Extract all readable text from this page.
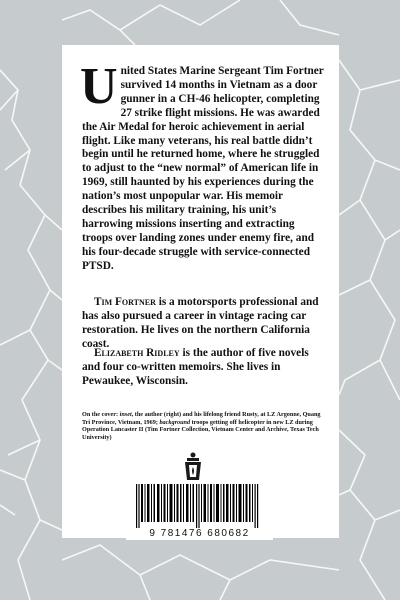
United States Marine Sergeant Tim Fortner survived 14 months in Vietnam as a door gunner in a CH-46 helicopter, completing 27 strike flight missions. He was awarded the Air Medal for heroic achievement in aerial flight. Like many veterans, his real battle didn’t begin until he returned home, where he struggled to adjust to the “new normal” of American life in 1969, still haunted by his experiences during the nation’s most unpopular war. His memoir describes his military training, his unit’s harrowing missions inserting and extracting troops over landing zones under enemy fire, and his four-decade struggle with service-connected PTSD.
Tim Fortner is a motorsports professional and has also pursued a career in vintage racing car restoration. He lives on the northern California coast.
Elizabeth Ridley is the author of five novels and four co-written memoirs. She lives in Pewaukee, Wisconsin.
On the cover: inset, the author (right) and his lifelong friend Rusty, at LZ Argonne, Quang Tri Province, Vietnam, 1969; background troops getting off helicopter in new LZ during Operation Lancaster II (Tim Fortner Collection, Vietnam Center and Archive, Texas Tech University)
9 781476 680682
